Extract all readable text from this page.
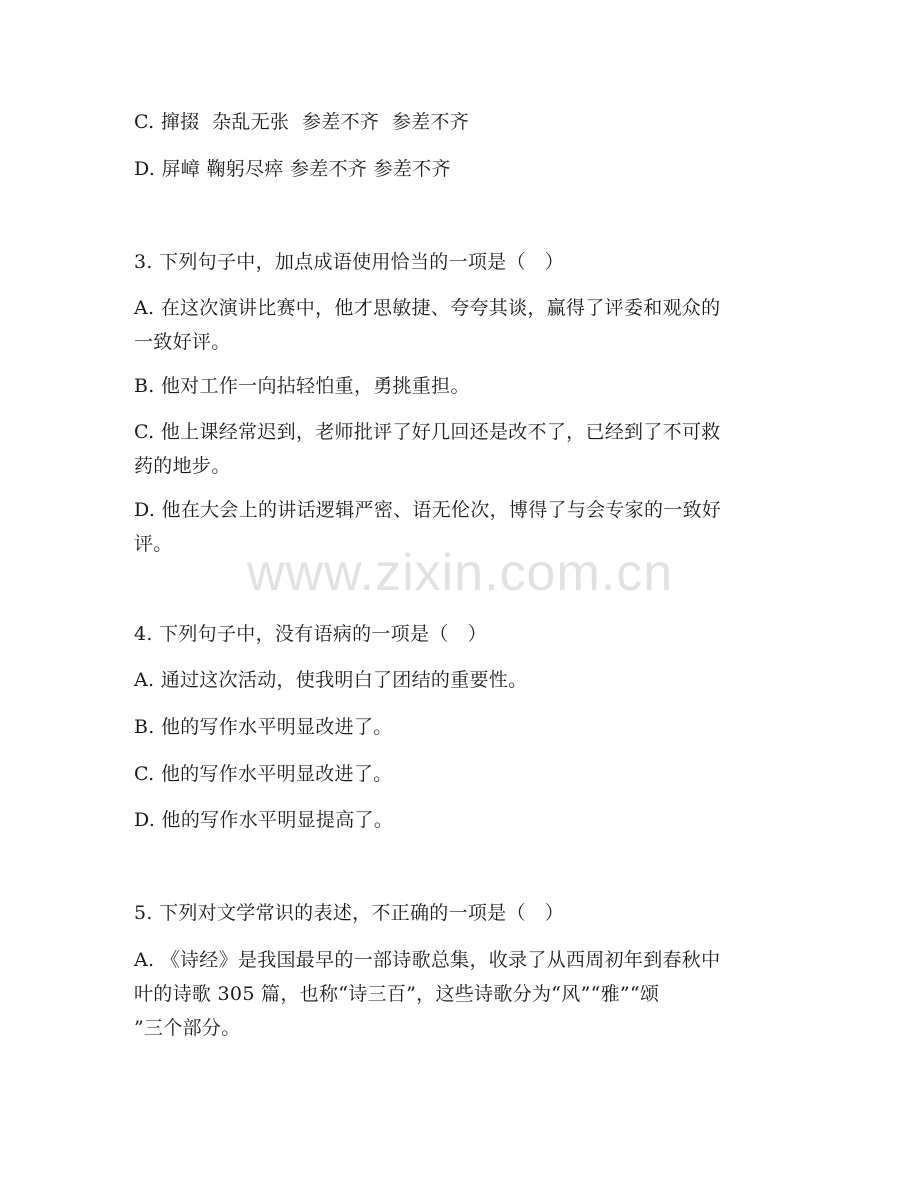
C. 撺掇  杂乱无张  参差不齐  参差不齐
D. 屏嶂 鞠躬尽瘁 参差不齐 参差不齐
3. 下列句子中，加点成语使用恰当的一项是（   ）
A. 在这次演讲比赛中，他才思敏捷、夸夸其谈，赢得了评委和观众的
一致好评。
B. 他对工作一向拈轻怕重，勇挑重担。
C. 他上课经常迟到，老师批评了好几回还是改不了，已经到了不可救
药的地步。
D. 他在大会上的讲话逻辑严密、语无伦次，博得了与会专家的一致好
评。	www.zixin.com.cn
4. 下列句子中，没有语病的一项是（   ）
A. 通过这次活动，使我明白了团结的重要性。
B. 他的写作水平明显改进了。
C. 他的写作水平明显改进了。
D. 他的写作水平明显提高了。
5. 下列对文学常识的表述，不正确的一项是（   ）
A. 《诗经》是我国最早的一部诗歌总集，收录了从西周初年到春秋中
叶的诗歌 305 篇，也称“诗三百”，这些诗歌分为“风”“雅”“颂
”三个部分。
